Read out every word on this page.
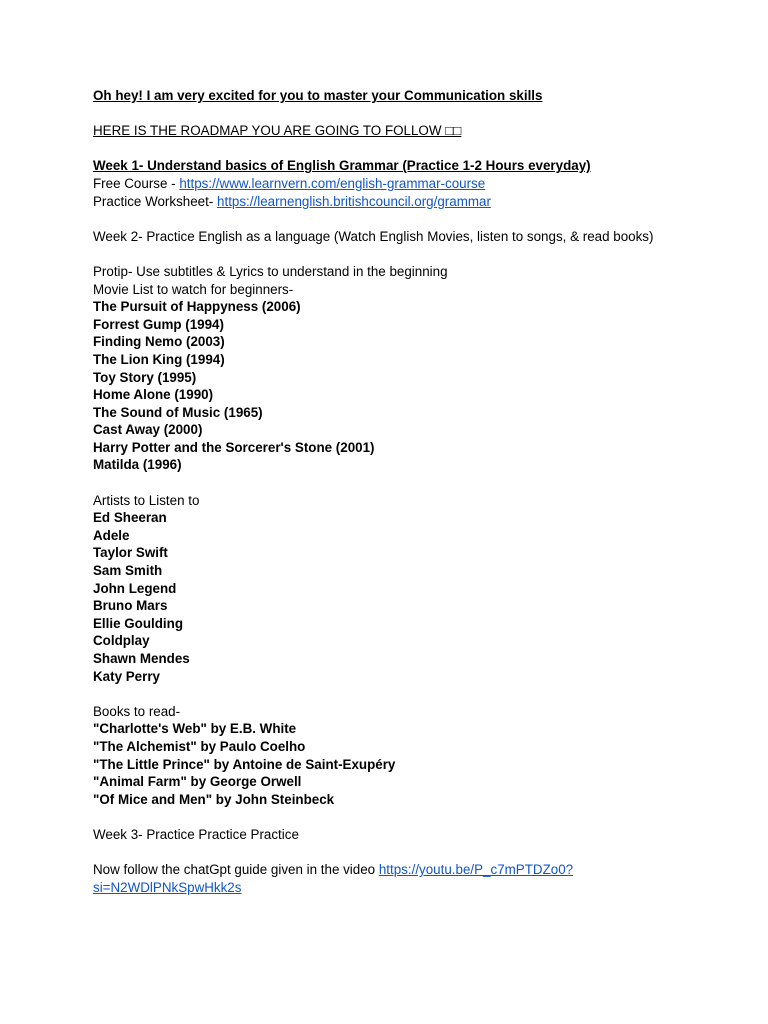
Oh hey! I am very excited for you to master your Communication skills
HERE IS THE ROADMAP YOU ARE GOING TO FOLLOW □□
Week 1- Understand basics of English Grammar (Practice 1-2 Hours everyday)
Free Course - https://www.learnvern.com/english-grammar-course
Practice Worksheet- https://learnenglish.britishcouncil.org/grammar
Week 2- Practice English as a language (Watch English Movies, listen to songs, & read books)
Protip- Use subtitles & Lyrics to understand in the beginning
Movie List to watch for beginners-
The Pursuit of Happyness (2006)
Forrest Gump (1994)
Finding Nemo (2003)
The Lion King (1994)
Toy Story (1995)
Home Alone (1990)
The Sound of Music (1965)
Cast Away (2000)
Harry Potter and the Sorcerer's Stone (2001)
Matilda (1996)
Artists to Listen to
Ed Sheeran
Adele
Taylor Swift
Sam Smith
John Legend
Bruno Mars
Ellie Goulding
Coldplay
Shawn Mendes
Katy Perry
Books to read-
"Charlotte's Web" by E.B. White
"The Alchemist" by Paulo Coelho
"The Little Prince" by Antoine de Saint-Exupéry
"Animal Farm" by George Orwell
"Of Mice and Men" by John Steinbeck
Week 3- Practice Practice Practice
Now follow the chatGpt guide given in the video https://youtu.be/P_c7mPTDZo0?
si=N2WDlPNkSpwHkk2s
